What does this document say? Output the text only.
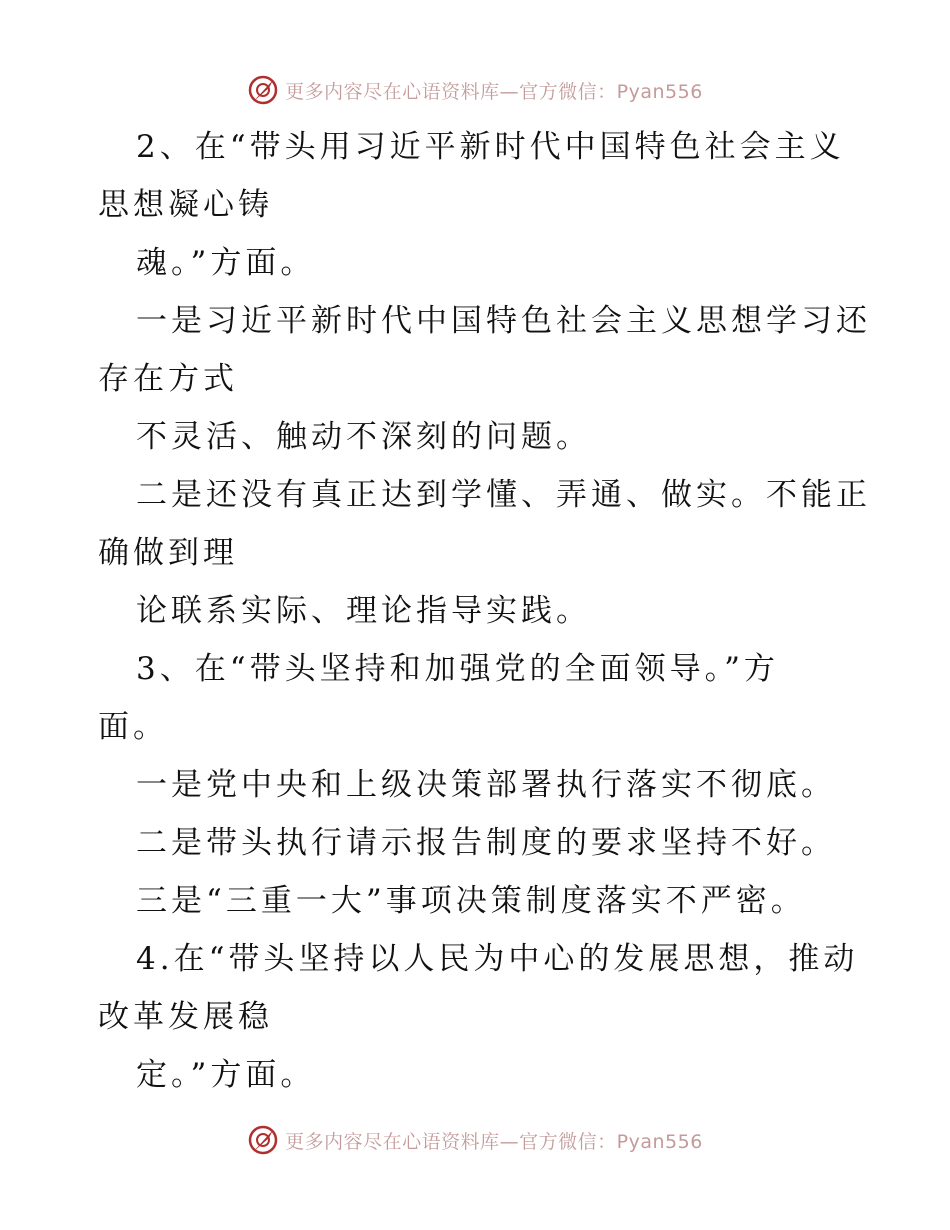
更多内容尽在心语资料库—官方微信：Pyan556
2、在“带头用习近平新时代中国特色社会主义
思想凝心铸
魂。”方面。
一是习近平新时代中国特色社会主义思想学习还
存在方式
不灵活、触动不深刻的问题。
二是还没有真正达到学懂、弄通、做实。不能正
确做到理
论联系实际、理论指导实践。
3、在“带头坚持和加强党的全面领导。”方
面。
一是党中央和上级决策部署执行落实不彻底。
二是带头执行请示报告制度的要求坚持不好。
三是“三重一大”事项决策制度落实不严密。
4.在“带头坚持以人民为中心的发展思想，推动
改革发展稳
定。”方面。
更多内容尽在心语资料库—官方微信：Pyan556
